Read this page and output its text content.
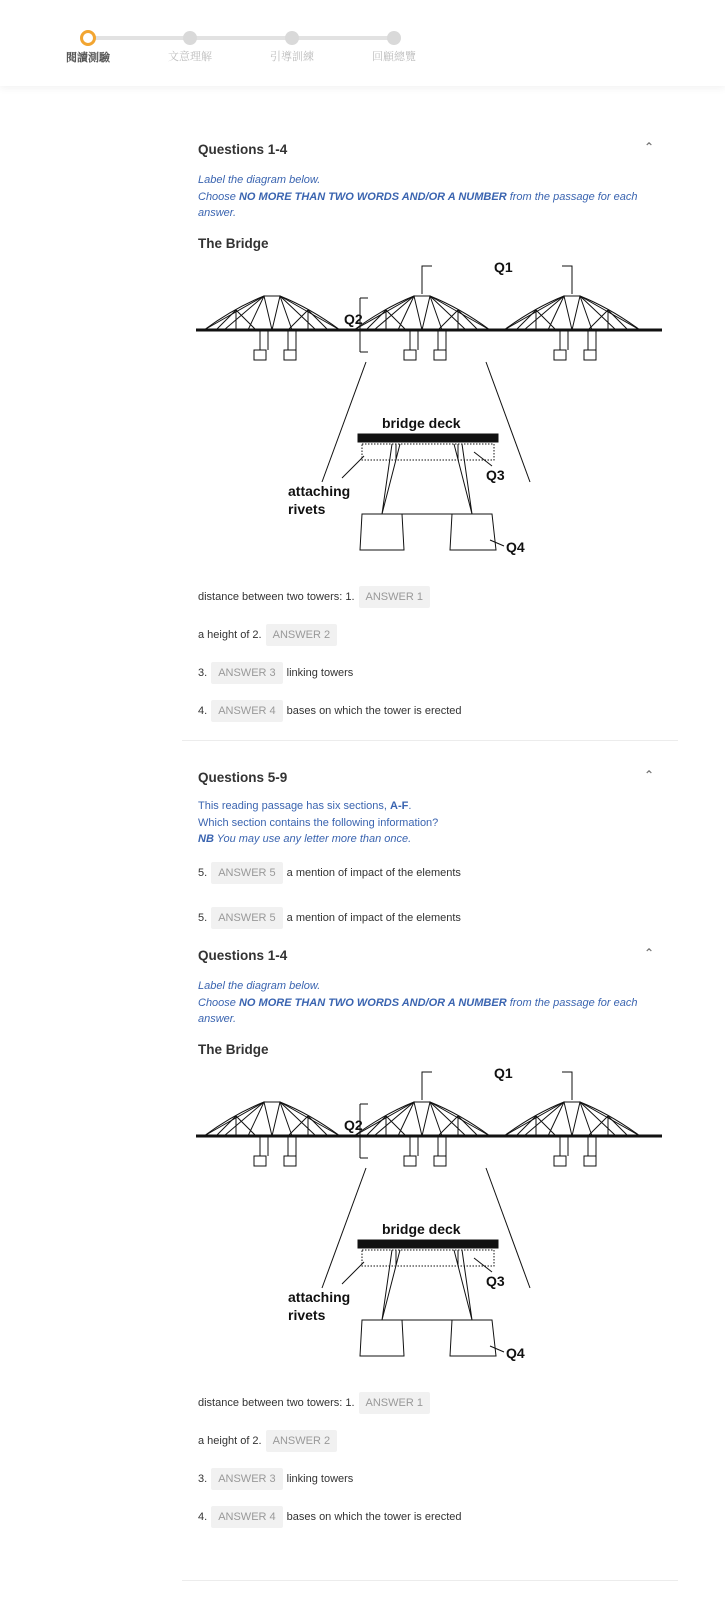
閱讀測驗	文意理解	引導訓練	回顧總覽
Questions 1-4	⌃
Label the diagram below.
Choose NO MORE THAN TWO WORDS AND/OR A NUMBER from the passage for each answer.
The Bridge
Q1
Q2
Q3
Q4
bridge deck
attaching
rivets
distance between two towers: 1.	ANSWER 1
a height of 2.	ANSWER 2
3.	ANSWER 3	linking towers
4.	ANSWER 4	bases on which the tower is erected
Questions 5-9	⌃
This reading passage has six sections, A-F.
Which section contains the following information?
NB You may use any letter more than once.
5.	ANSWER 5	a mention of impact of the elements
5.	ANSWER 5	a mention of impact of the elements
Questions 1-4	⌃
Label the diagram below.
Choose NO MORE THAN TWO WORDS AND/OR A NUMBER from the passage for each answer.
The Bridge
Q1
Q2
Q3
Q4
bridge deck
attaching
rivets
distance between two towers: 1.	ANSWER 1
a height of 2.	ANSWER 2
3.	ANSWER 3	linking towers
4.	ANSWER 4	bases on which the tower is erected
